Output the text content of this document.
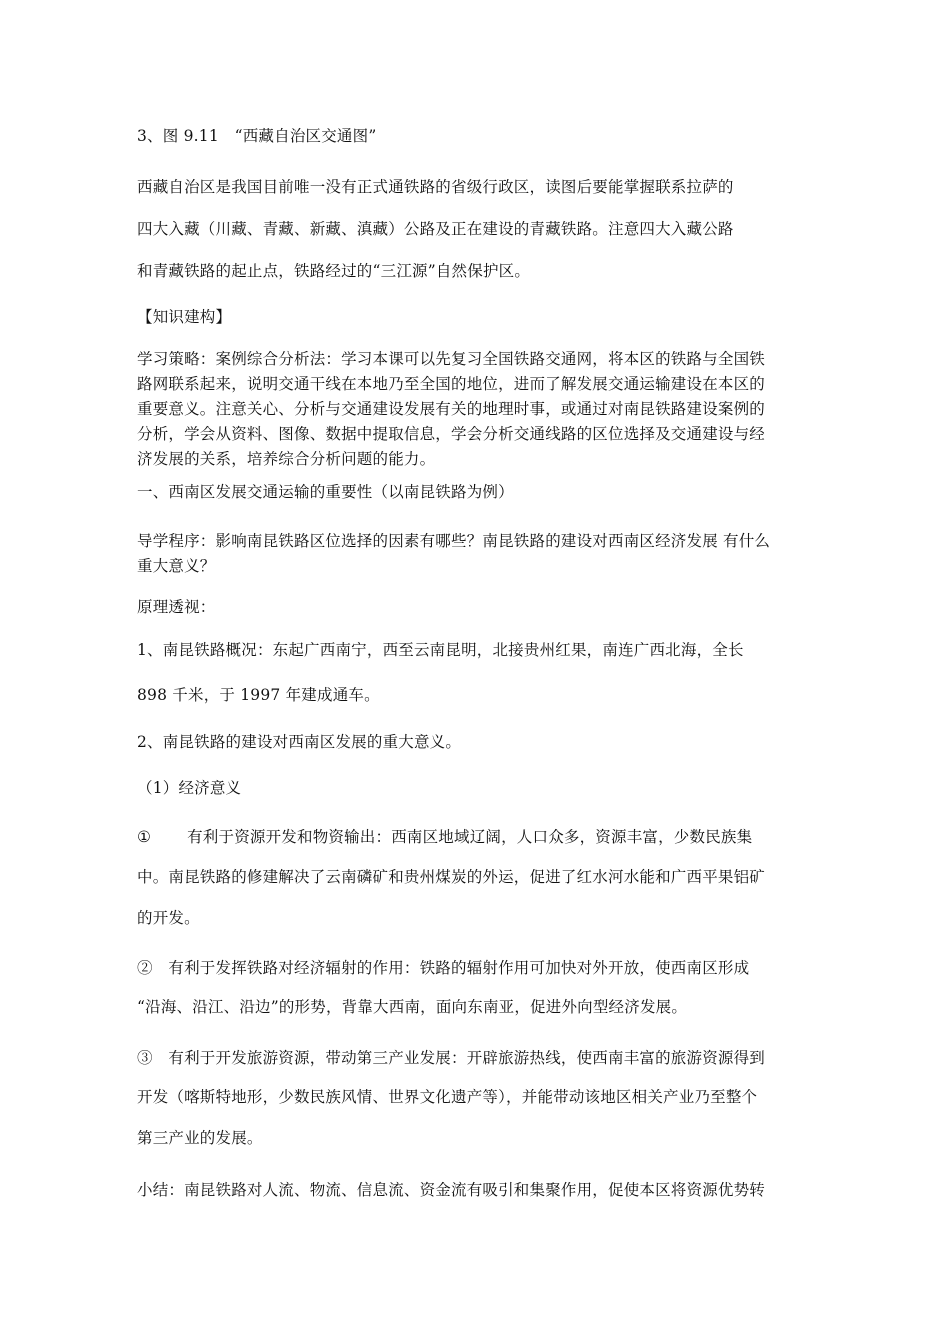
3、图 9.11　“西藏自治区交通图”
西藏自治区是我国目前唯一没有正式通铁路的省级行政区，读图后要能掌握联系拉萨的
四大入藏（川藏、青藏、新藏、滇藏）公路及正在建设的青藏铁路。注意四大入藏公路
和青藏铁路的起止点，铁路经过的“三江源”自然保护区。
【知识建构】
学习策略：案例综合分析法：学习本课可以先复习全国铁路交通网，将本区的铁路与全国铁
路网联系起来，说明交通干线在本地乃至全国的地位，进而了解发展交通运输建设在本区的
重要意义。注意关心、分析与交通建设发展有关的地理时事，或通过对南昆铁路建设案例的
分析，学会从资料、图像、数据中提取信息，学会分析交通线路的区位选择及交通建设与经
济发展的关系，培养综合分析问题的能力。
一、西南区发展交通运输的重要性（以南昆铁路为例）
导学程序：影响南昆铁路区位选择的因素有哪些？南昆铁路的建设对西南区经济发展 有什么
重大意义？
原理透视：
1、南昆铁路概况：东起广西南宁，西至云南昆明，北接贵州红果，南连广西北海，全长
898 千米，于 1997 年建成通车。
2、南昆铁路的建设对西南区发展的重大意义。
（1）经济意义
① 有利于资源开发和物资输出：西南区地域辽阔，人口众多，资源丰富，少数民族集
中。南昆铁路的修建解决了云南磷矿和贵州煤炭的外运，促进了红水河水能和广西平果铝矿
的开发。
②　有利于发挥铁路对经济辐射的作用：铁路的辐射作用可加快对外开放，使西南区形成
“沿海、沿江、沿边”的形势，背靠大西南，面向东南亚，促进外向型经济发展。
③　有利于开发旅游资源，带动第三产业发展：开辟旅游热线，使西南丰富的旅游资源得到
开发（喀斯特地形，少数民族风情、世界文化遗产等），并能带动该地区相关产业乃至整个
第三产业的发展。
小结：南昆铁路对人流、物流、信息流、资金流有吸引和集聚作用，促使本区将资源优势转
